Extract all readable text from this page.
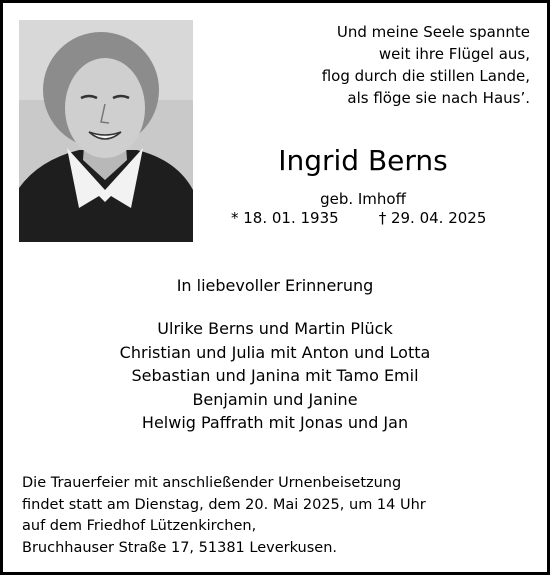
Und meine Seele spannte
weit ihre Flügel aus,
flog durch die stillen Lande,
als flöge sie nach Haus’.
Ingrid Berns
geb. Imhoff
* 18. 01. 1935	† 29. 04. 2025
In liebevoller Erinnerung
Ulrike Berns und Martin Plück
Christian und Julia mit Anton und Lotta
Sebastian und Janina mit Tamo Emil
Benjamin und Janine
Helwig Paffrath mit Jonas und Jan
Die Trauerfeier mit anschließender Urnenbeisetzung
findet statt am Dienstag, dem 20. Mai 2025, um 14 Uhr
auf dem Friedhof Lützenkirchen,
Bruchhauser Straße 17, 51381 Leverkusen.
